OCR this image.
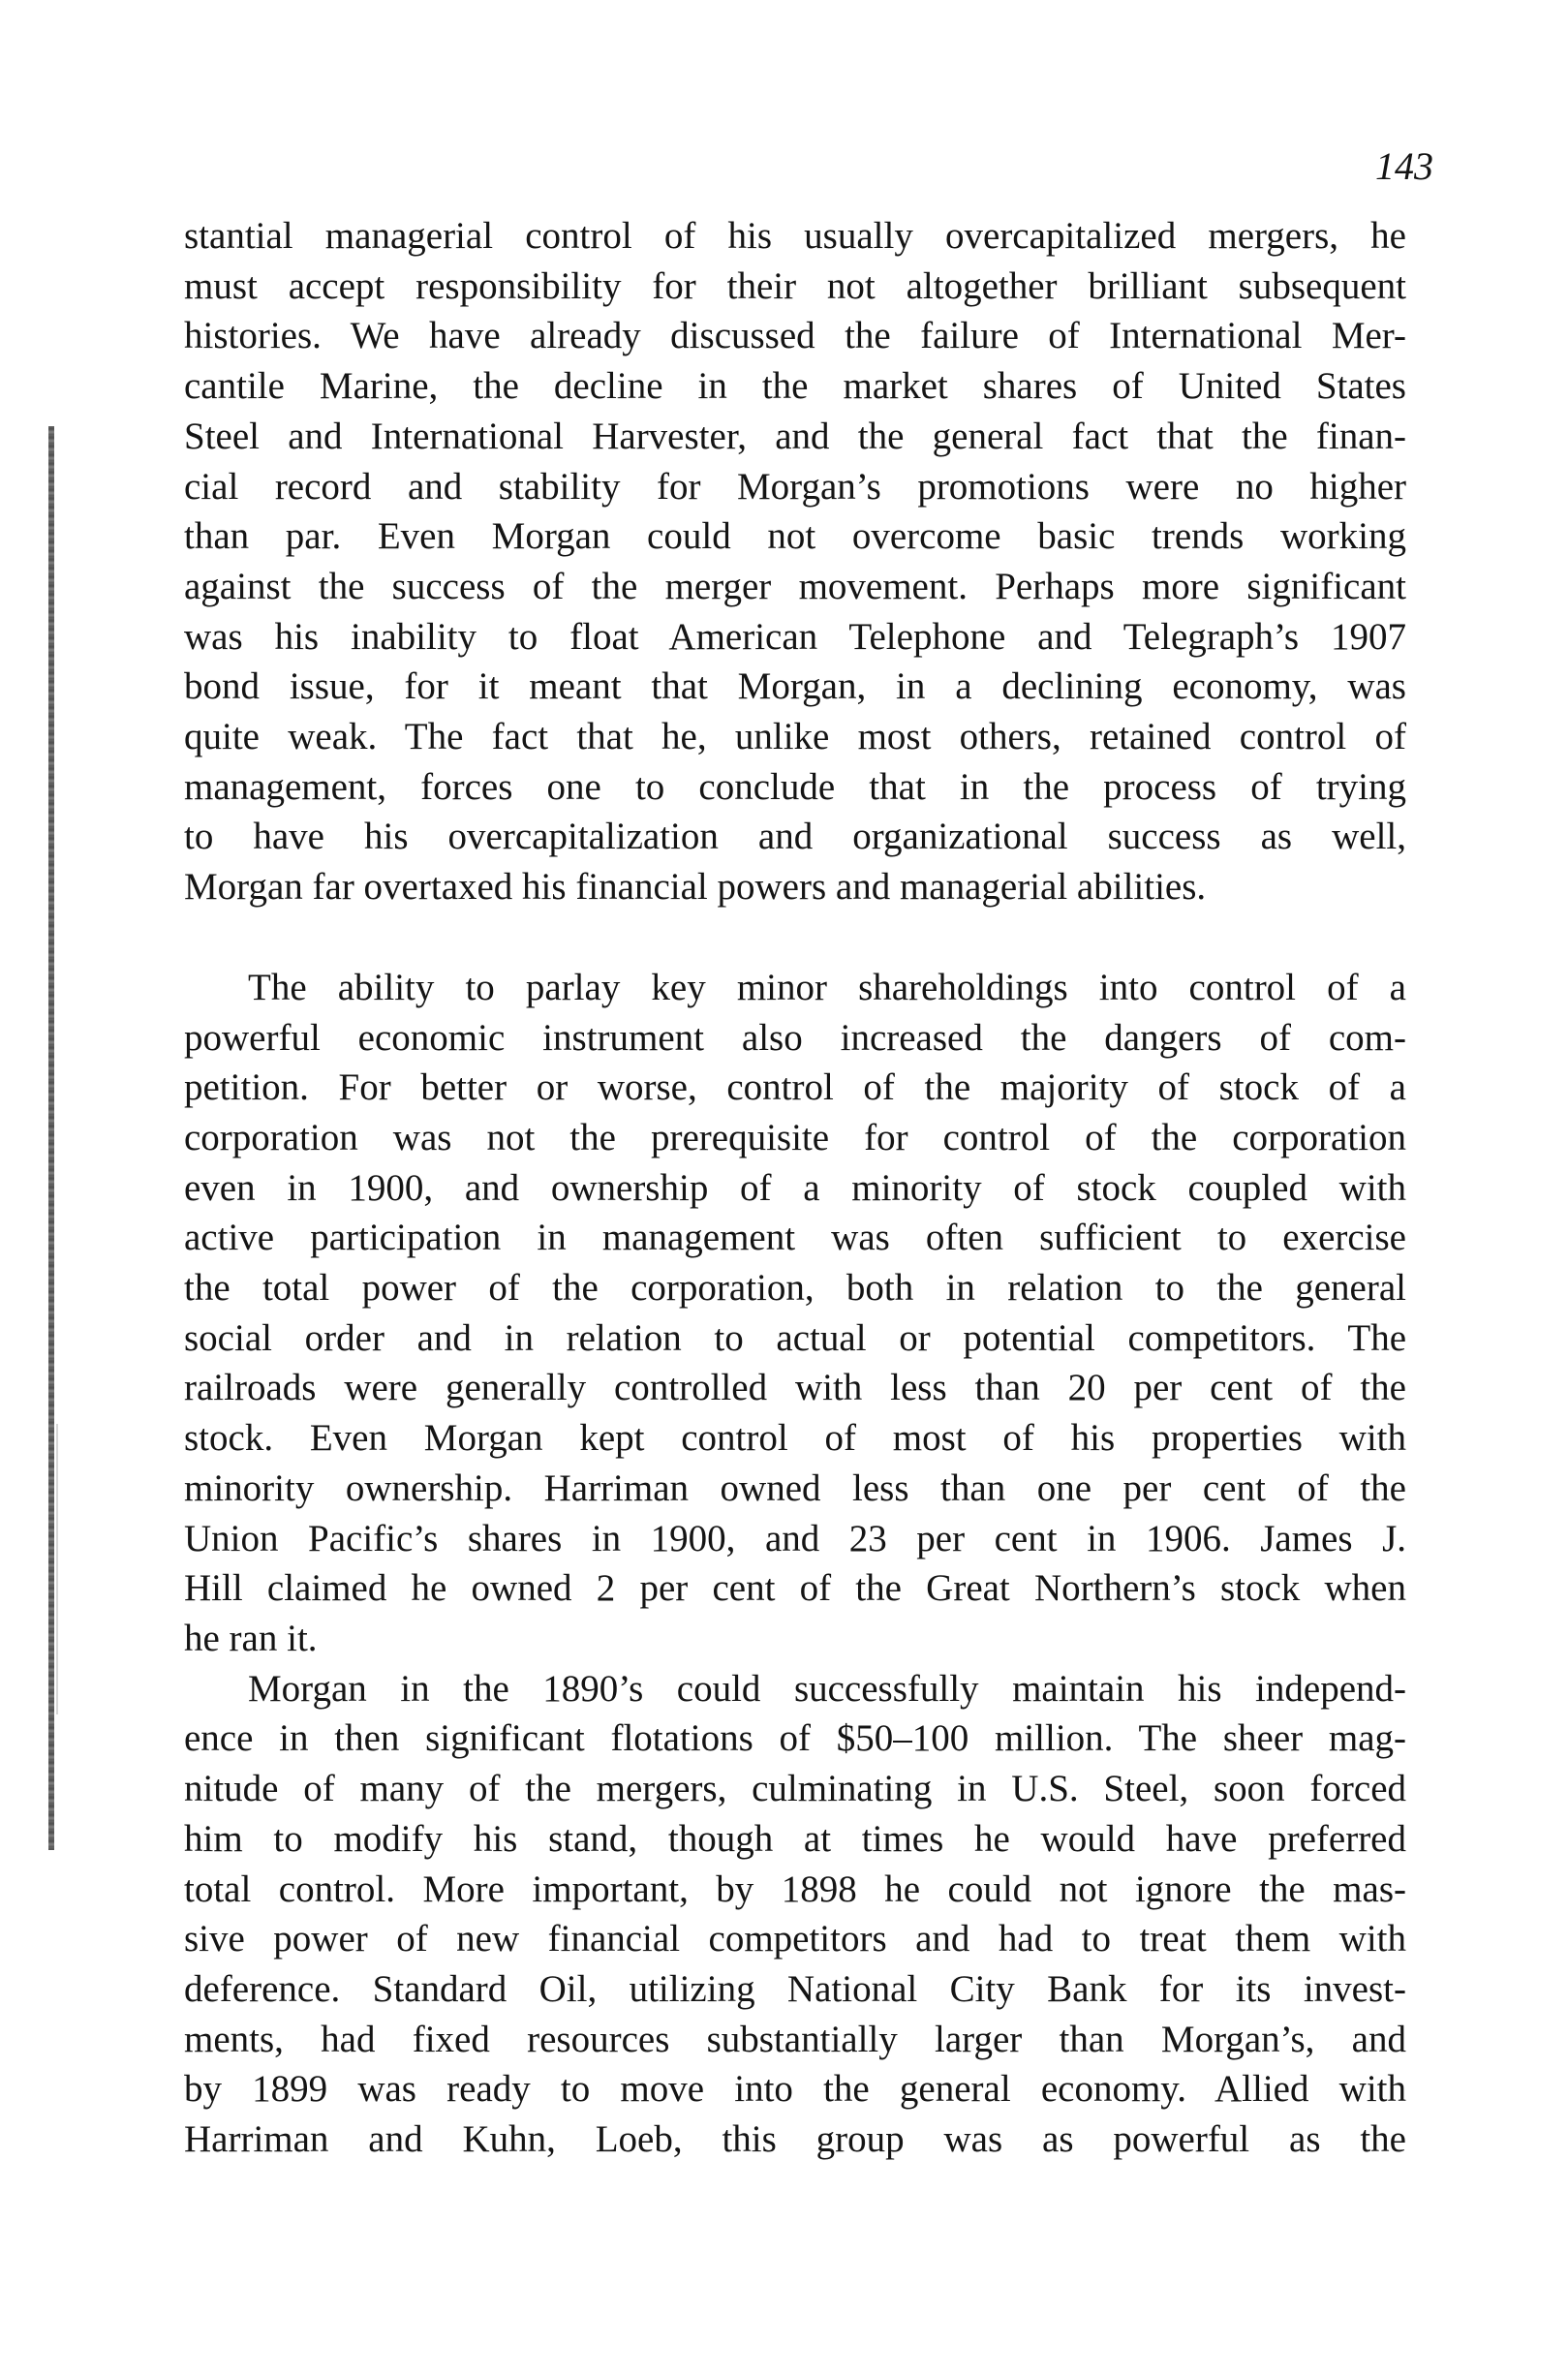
143
stantial managerial control of his usually overcapitalized mergers, he
must accept responsibility for their not altogether brilliant subsequent
histories. We have already discussed the failure of International Mer-
cantile Marine, the decline in the market shares of United States
Steel and International Harvester, and the general fact that the finan-
cial record and stability for Morgan’s promotions were no higher
than par. Even Morgan could not overcome basic trends working
against the success of the merger movement. Perhaps more significant
was his inability to float American Telephone and Telegraph’s 1907
bond issue, for it meant that Morgan, in a declining economy, was
quite weak. The fact that he, unlike most others, retained control of
management, forces one to conclude that in the process of trying
to have his overcapitalization and organizational success as well,
Morgan far overtaxed his financial powers and managerial abilities.
The ability to parlay key minor shareholdings into control of a
powerful economic instrument also increased the dangers of com-
petition. For better or worse, control of the majority of stock of a
corporation was not the prerequisite for control of the corporation
even in 1900, and ownership of a minority of stock coupled with
active participation in management was often sufficient to exercise
the total power of the corporation, both in relation to the general
social order and in relation to actual or potential competitors. The
railroads were generally controlled with less than 20 per cent of the
stock. Even Morgan kept control of most of his properties with
minority ownership. Harriman owned less than one per cent of the
Union Pacific’s shares in 1900, and 23 per cent in 1906. James J.
Hill claimed he owned 2 per cent of the Great Northern’s stock when
he ran it.
Morgan in the 1890’s could successfully maintain his independ-
ence in then significant flotations of $50–100 million. The sheer mag-
nitude of many of the mergers, culminating in U.S. Steel, soon forced
him to modify his stand, though at times he would have preferred
total control. More important, by 1898 he could not ignore the mas-
sive power of new financial competitors and had to treat them with
deference. Standard Oil, utilizing National City Bank for its invest-
ments, had fixed resources substantially larger than Morgan’s, and
by 1899 was ready to move into the general economy. Allied with
Harriman and Kuhn, Loeb, this group was as powerful as the
